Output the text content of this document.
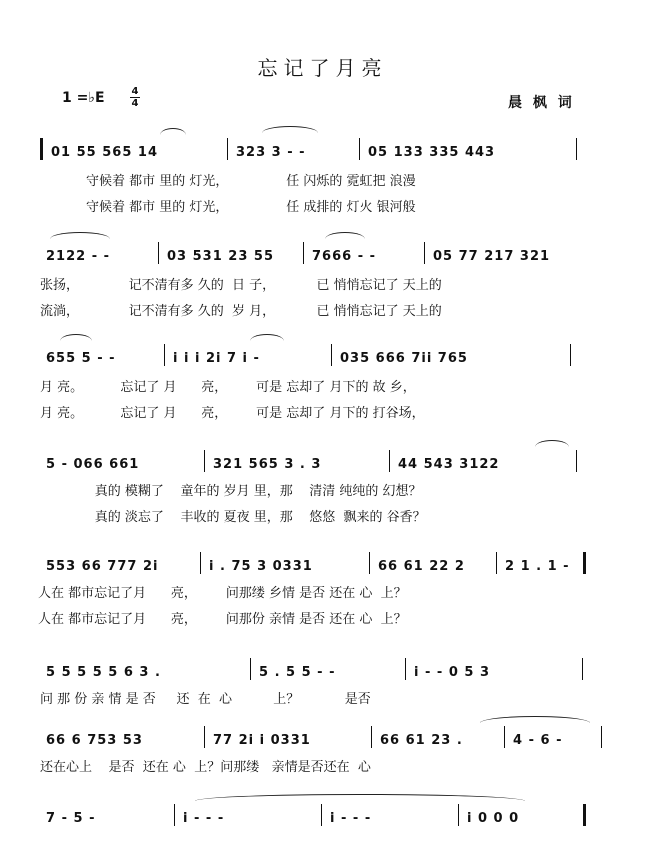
忘记了月亮
1 =♭E	4
4	晨 枫 词
01 55 565 14	323 3 - -	05 133 335 443
守候着 都市 里的 灯光，              任 闪烁的 霓虹把 浪漫
守候着 都市 里的 灯光，              任 成排的 灯火 银河般
2122 - -	03 531 23 55	7666 - -	05 77 217 321
张扬，            记不清有多 久的  日 子，          已 悄悄忘记了 天上的
流淌，            记不清有多 久的  岁 月，          已 悄悄忘记了 天上的
655 5 - -	i i i 2i 7 i -	035 666 7ii 765
月 亮。         忘记了 月      亮，       可是 忘却了 月下的 故 乡，
月 亮。         忘记了 月      亮，       可是 忘却了 月下的 打谷场，
5 - 066 661	321 565 3 . 3	44 543 3122
真的 模糊了    童年的 岁月 里，那    清清 纯纯的 幻想？
真的 淡忘了    丰收的 夏夜 里，那    悠悠  飘来的 谷香？
553 66 777 2i	i . 75 3 0331	66 61 22 2	2 1 . 1 -
人在 都市忘记了月      亮，       问那缕 乡情 是否 还在 心  上？
人在 都市忘记了月      亮，       问那份 亲情 是否 还在 心  上？
5 5 5 5 5 6 3 .	5 . 5 5 - -	i - - 0 5 3
问 那 份 亲 情 是 否     还  在  心          上？           是否
66 6 753 53	77 2i i 0331	66 61 23 .	4 - 6 -
还在心上    是否  还在 心  上？问那缕   亲情是否还在  心
7 - 5 -	i - - -	i - - -	i 0 0 0
